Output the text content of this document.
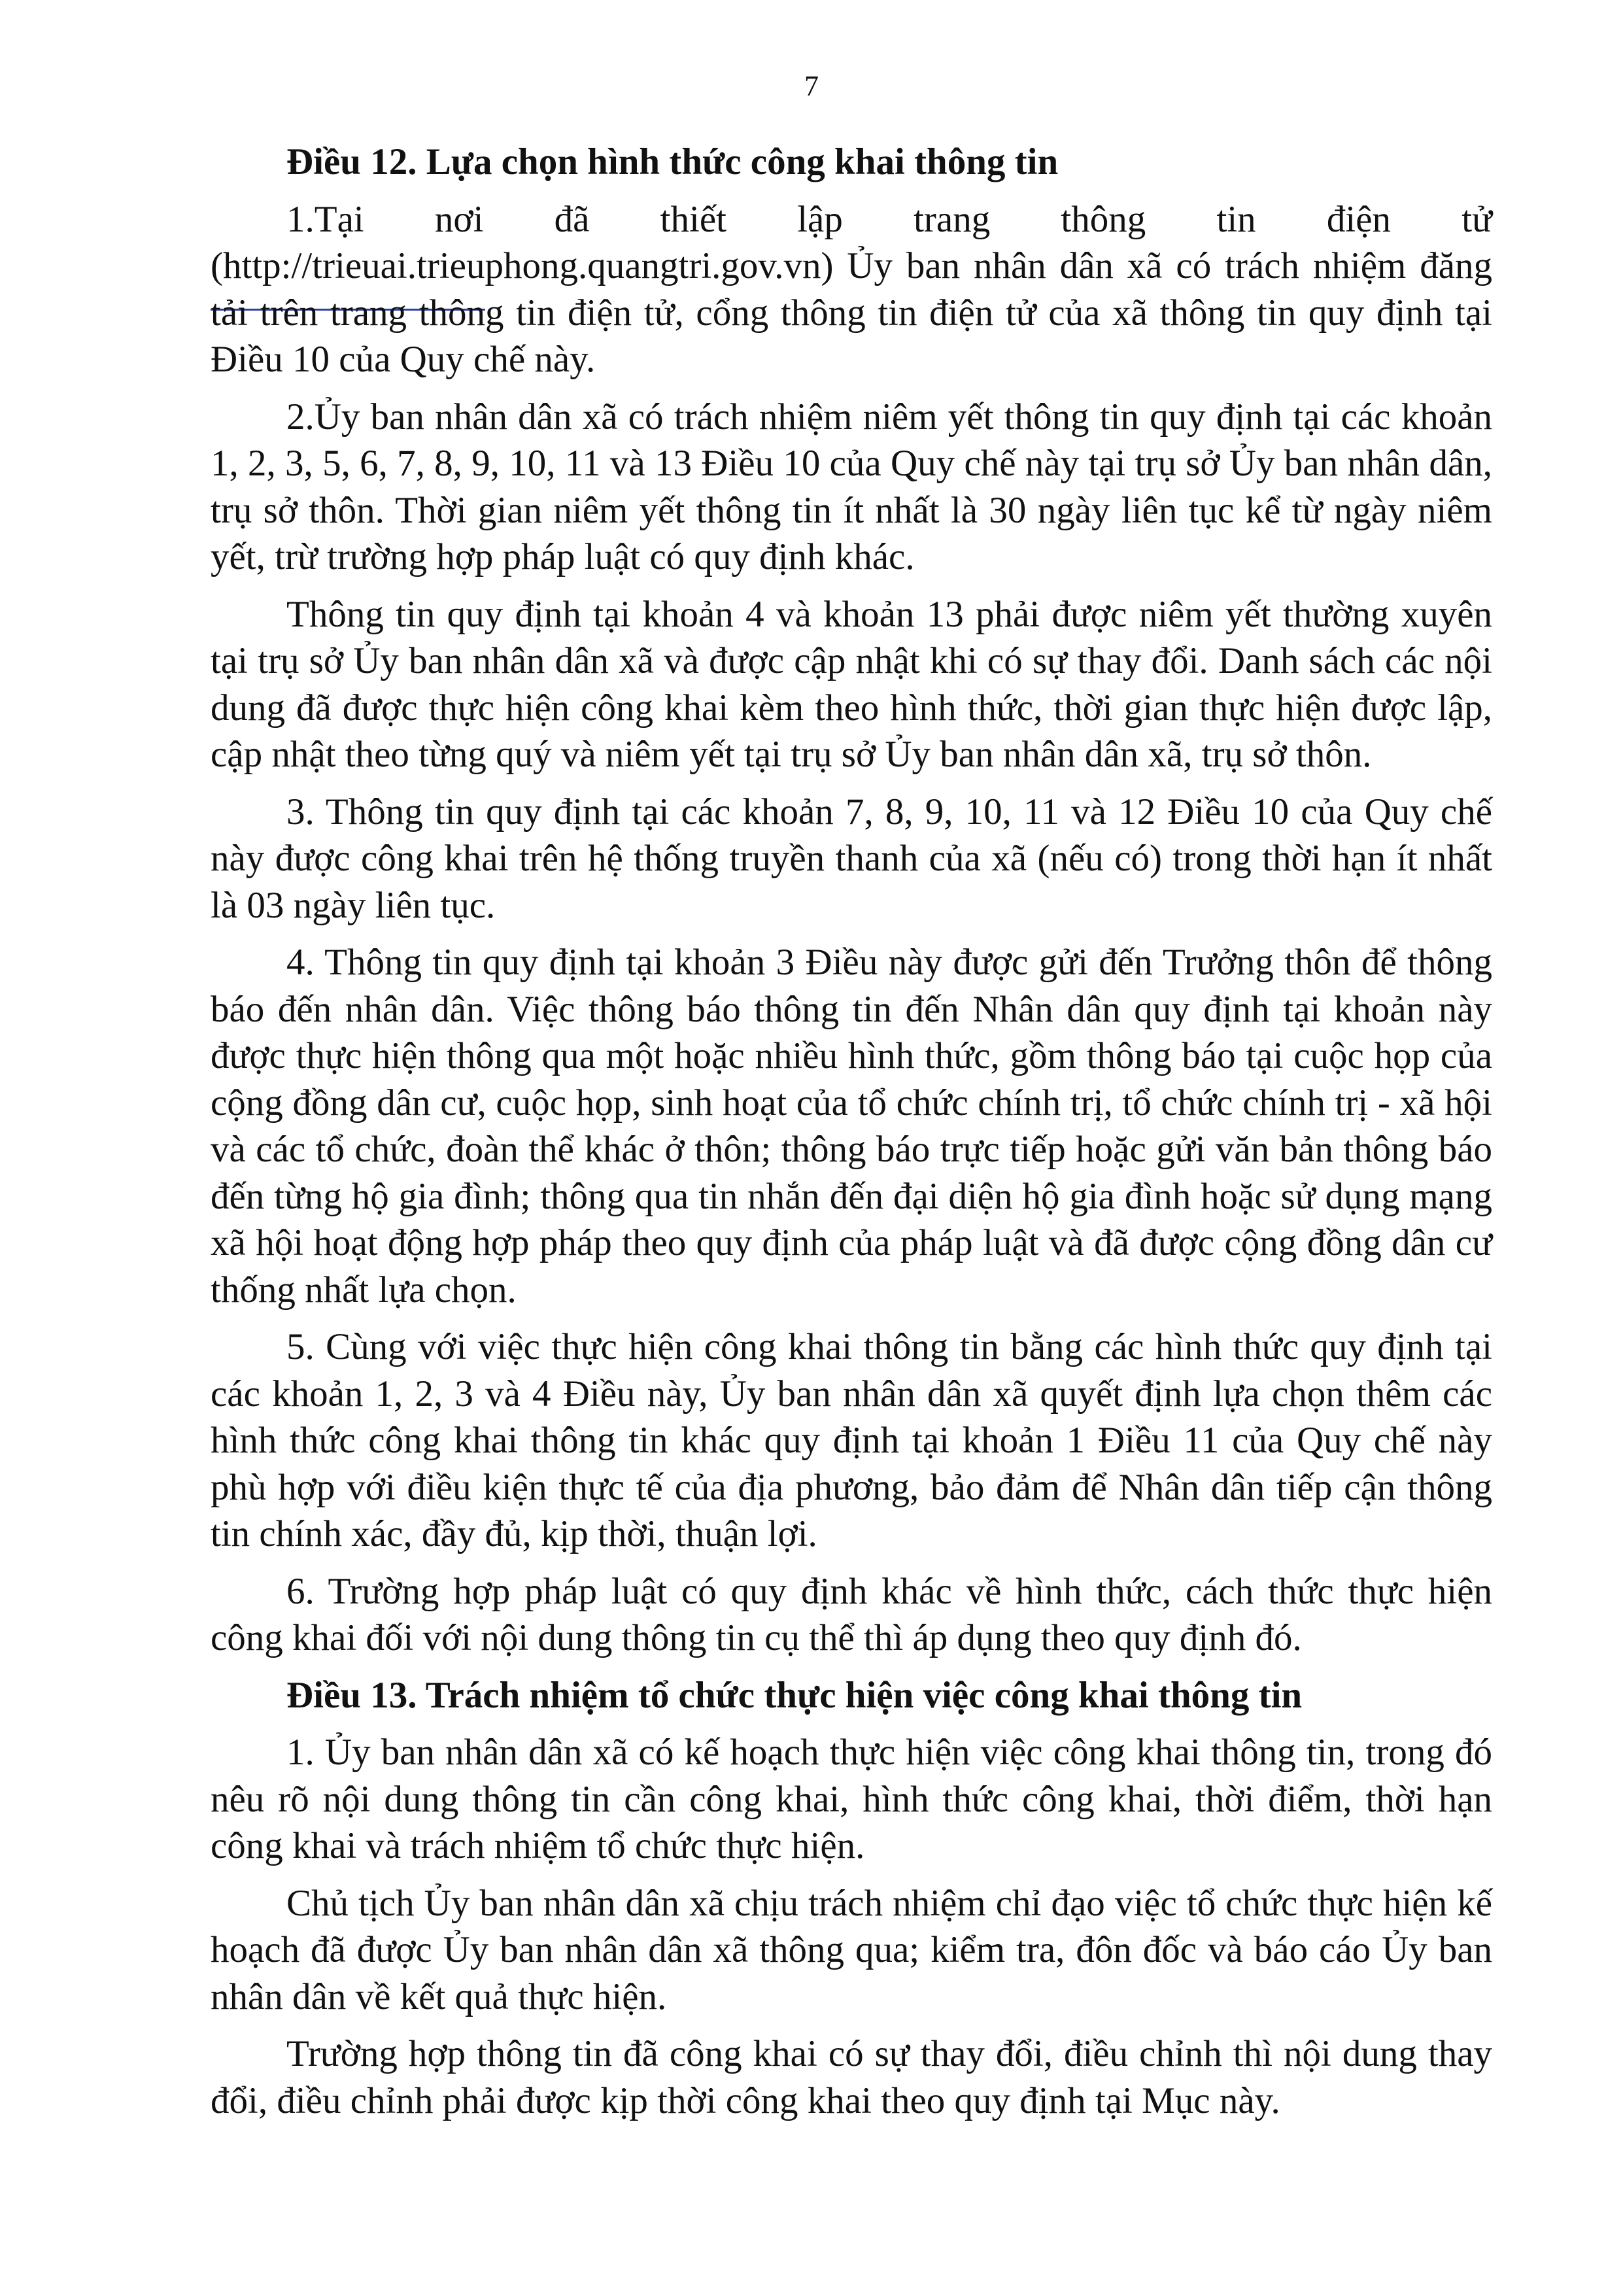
7
Điều 12. Lựa chọn hình thức công khai thông tin
1.Tại nơi đã thiết lập trang thông tin điện tử
(http://trieuai.trieuphong.quangtri.gov.vn) Ủy ban nhân dân xã có trách nhiệm đăng tải trên trang thông tin điện tử, cổng thông tin điện tử của xã thông tin quy định tại Điều 10 của Quy chế này.
2.Ủy ban nhân dân xã có trách nhiệm niêm yết thông tin quy định tại các khoản 1, 2, 3, 5, 6, 7, 8, 9, 10, 11 và 13 Điều 10 của Quy chế này tại trụ sở Ủy ban nhân dân, trụ sở thôn. Thời gian niêm yết thông tin ít nhất là 30 ngày liên tục kể từ ngày niêm yết, trừ trường hợp pháp luật có quy định khác.
Thông tin quy định tại khoản 4 và khoản 13 phải được niêm yết thường xuyên tại trụ sở Ủy ban nhân dân xã và được cập nhật khi có sự thay đổi. Danh sách các nội dung đã được thực hiện công khai kèm theo hình thức, thời gian thực hiện được lập, cập nhật theo từng quý và niêm yết tại trụ sở Ủy ban nhân dân xã, trụ sở thôn.
3. Thông tin quy định tại các khoản 7, 8, 9, 10, 11 và 12 Điều 10 của Quy chế này được công khai trên hệ thống truyền thanh của xã (nếu có) trong thời hạn ít nhất là 03 ngày liên tục.
4. Thông tin quy định tại khoản 3 Điều này được gửi đến Trưởng thôn để thông báo đến nhân dân. Việc thông báo thông tin đến Nhân dân quy định tại khoản này được thực hiện thông qua một hoặc nhiều hình thức, gồm thông báo tại cuộc họp của cộng đồng dân cư, cuộc họp, sinh hoạt của tổ chức chính trị, tổ chức chính trị - xã hội và các tổ chức, đoàn thể khác ở thôn; thông báo trực tiếp hoặc gửi văn bản thông báo đến từng hộ gia đình; thông qua tin nhắn đến đại diện hộ gia đình hoặc sử dụng mạng xã hội hoạt động hợp pháp theo quy định của pháp luật và đã được cộng đồng dân cư thống nhất lựa chọn.
5. Cùng với việc thực hiện công khai thông tin bằng các hình thức quy định tại các khoản 1, 2, 3 và 4 Điều này, Ủy ban nhân dân xã quyết định lựa chọn thêm các hình thức công khai thông tin khác quy định tại khoản 1 Điều 11 của Quy chế này phù hợp với điều kiện thực tế của địa phương, bảo đảm để Nhân dân tiếp cận thông tin chính xác, đầy đủ, kịp thời, thuận lợi.
6. Trường hợp pháp luật có quy định khác về hình thức, cách thức thực hiện công khai đối với nội dung thông tin cụ thể thì áp dụng theo quy định đó.
Điều 13. Trách nhiệm tổ chức thực hiện việc công khai thông tin
1. Ủy ban nhân dân xã có kế hoạch thực hiện việc công khai thông tin, trong đó nêu rõ nội dung thông tin cần công khai, hình thức công khai, thời điểm, thời hạn công khai và trách nhiệm tổ chức thực hiện.
Chủ tịch Ủy ban nhân dân xã chịu trách nhiệm chỉ đạo việc tổ chức thực hiện kế hoạch đã được Ủy ban nhân dân xã thông qua; kiểm tra, đôn đốc và báo cáo Ủy ban nhân dân về kết quả thực hiện.
Trường hợp thông tin đã công khai có sự thay đổi, điều chỉnh thì nội dung thay đổi, điều chỉnh phải được kịp thời công khai theo quy định tại Mục này.
